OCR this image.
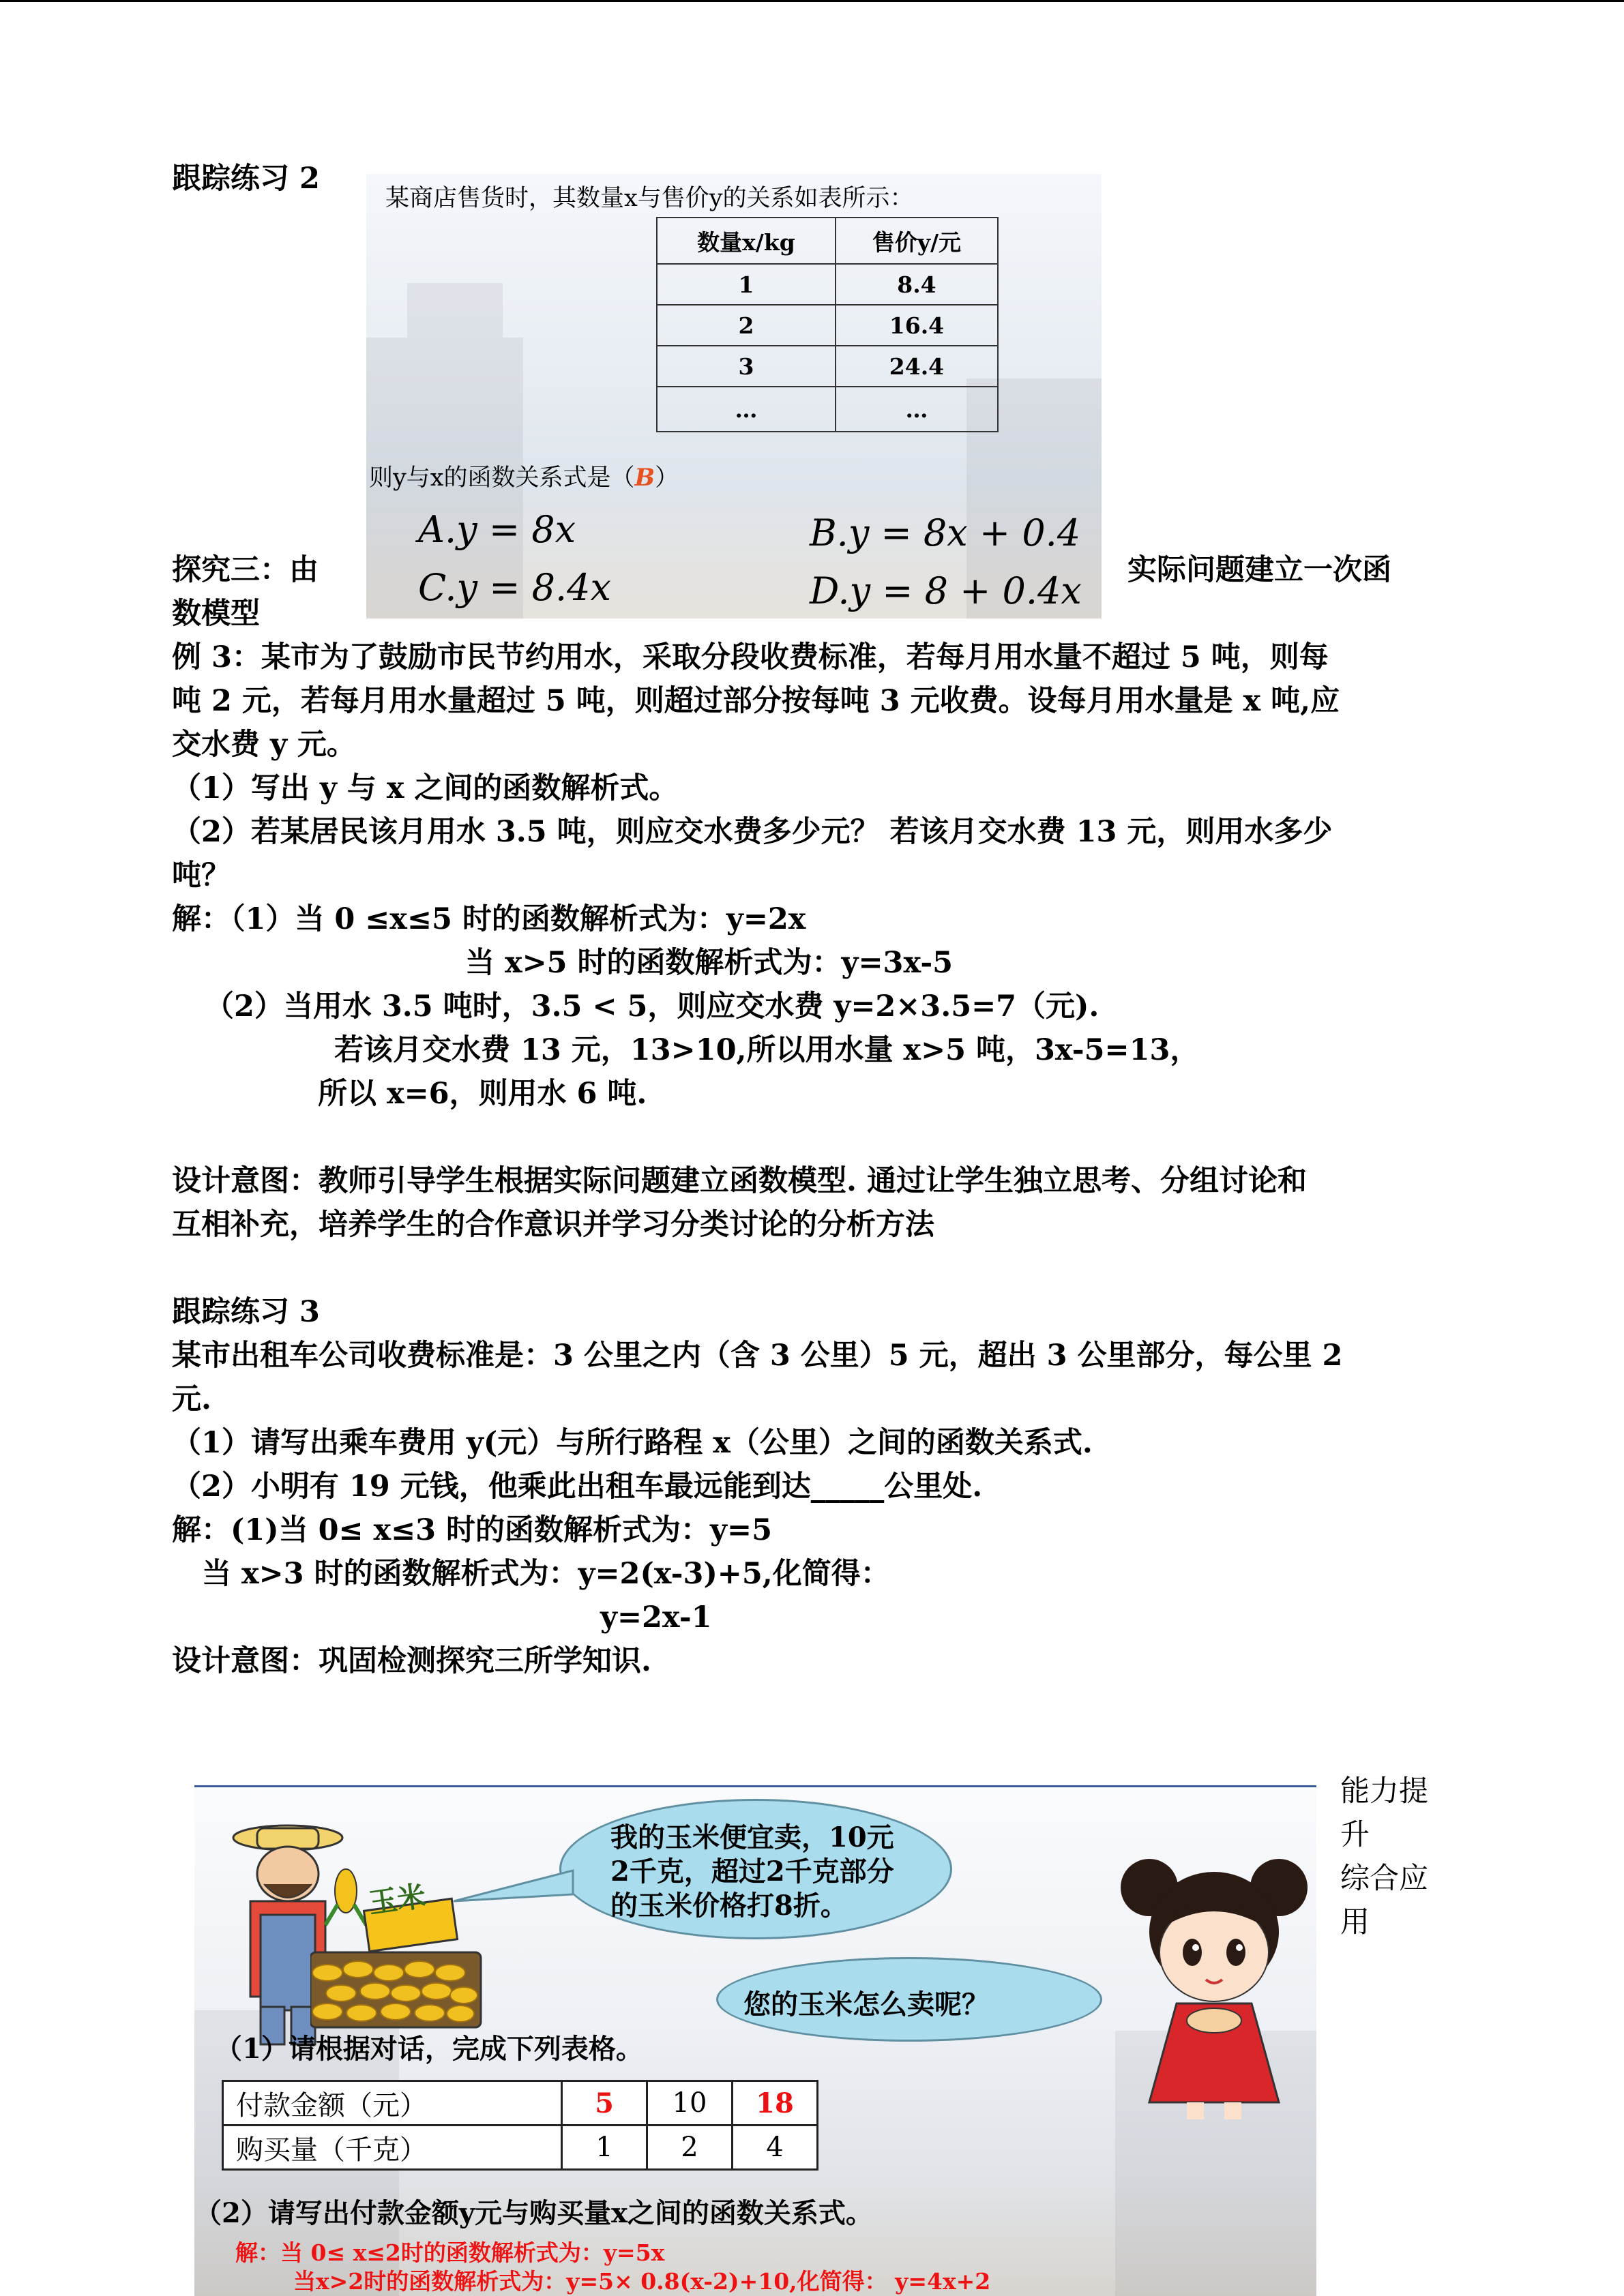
跟踪练习 2
某商店售货时，其数量x与售价y的关系如表所示：
数量x/kg	售价y/元
1	8.4
2	16.4
3	24.4
…	…
则y与x的函数关系式是（B）
A.y = 8x	B.y = 8x + 0.4
C.y = 8.4x	D.y = 8 + 0.4x
探究三：由	实际问题建立一次函
数模型
例 3：某市为了鼓励市民节约用水，采取分段收费标准，若每月用水量不超过 5 吨，则每
吨 2 元，若每月用水量超过 5 吨，则超过部分按每吨 3 元收费。设每月用水量是 x 吨,应
交水费 y 元。
（1）写出 y 与 x 之间的函数解析式。
（2）若某居民该月用水 3.5 吨，则应交水费多少元？ 若该月交水费 13 元，则用水多少
吨？
解：（1）当 0 ≤x≤5 时的函数解析式为：y=2x
当 x>5 时的函数解析式为：y=3x-5
（2）当用水 3.5 吨时，3.5 < 5，则应交水费 y=2×3.5=7（元).
若该月交水费 13 元，13>10,所以用水量 x>5 吨，3x-5=13，
所以 x=6，则用水 6 吨.
设计意图：教师引导学生根据实际问题建立函数模型. 通过让学生独立思考、分组讨论和
互相补充，培养学生的合作意识并学习分类讨论的分析方法
跟踪练习 3
某市出租车公司收费标准是：3 公里之内（含 3 公里）5 元，超出 3 公里部分，每公里 2
元.
（1）请写出乘车费用 y(元）与所行路程 x（公里）之间的函数关系式.
（2）小明有 19 元钱，他乘此出租车最远能到达_____公里处.
解：(1)当 0≤ x≤3 时的函数解析式为：y=5
当 x>3 时的函数解析式为：y=2(x-3)+5,化简得：
y=2x-1
设计意图：巩固检测探究三所学知识.
能力提
升
综合应
用
玉米
我的玉米便宜卖，10元
2千克，超过2千克部分
的玉米价格打8折。
您的玉米怎么卖呢？
（1）请根据对话，完成下列表格。
付款金额（元）	5	10	18
购买量（千克）	1	2	4
（2）请写出付款金额y元与购买量x之间的函数关系式。
解：当 0≤ x≤2时的函数解析式为：y=5x
当x>2时的函数解析式为：y=5× 0.8(x-2)+10,化简得： y=4x+2
